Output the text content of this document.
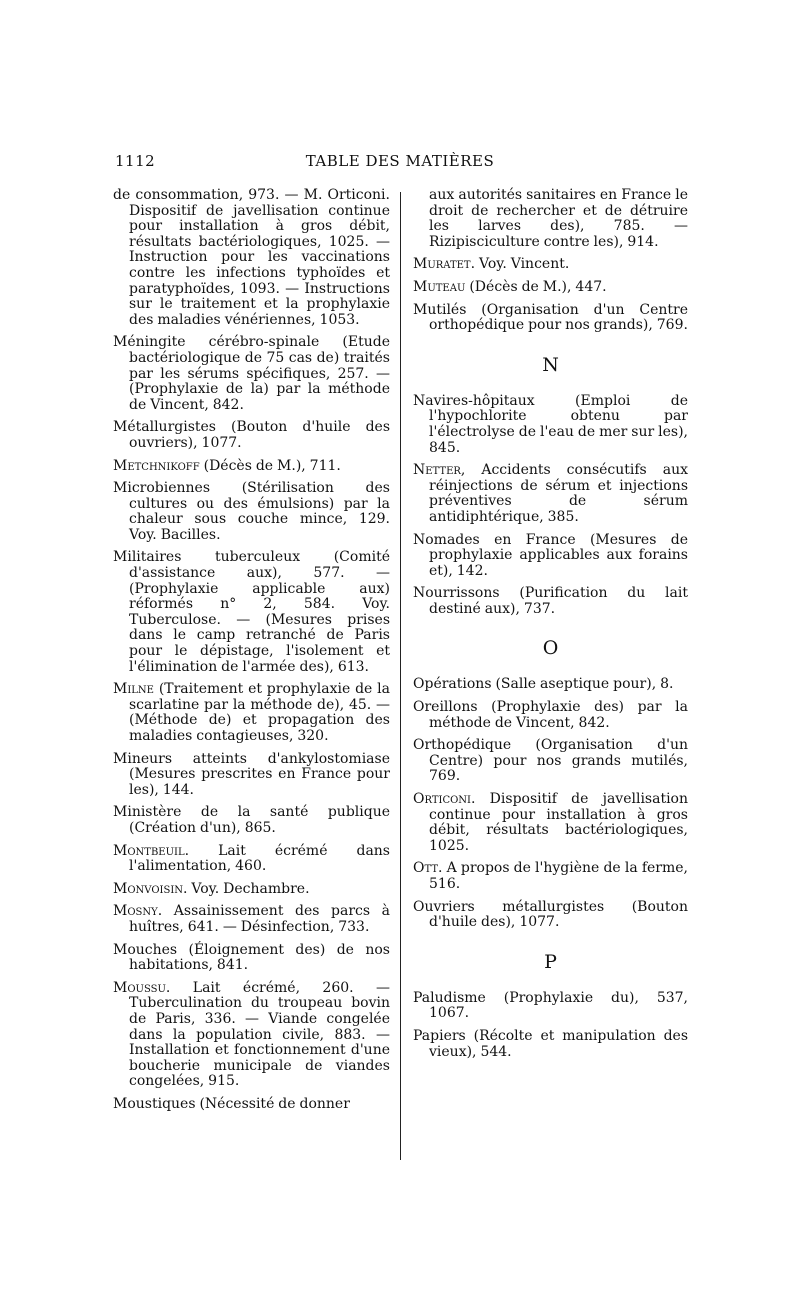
1112	TABLE DES MATIÈRES
de consommation, 973. — M. Orticoni. Dispositif de javellisation continue pour installation à gros débit, résultats bactériologiques, 1025. — Instruction pour les vaccinations contre les infections typhoïdes et paratyphoïdes, 1093. — Instructions sur le traitement et la prophylaxie des maladies vénériennes, 1053.
Méningite cérébro-spinale (Etude bactériologique de 75 cas de) traités par les sérums spécifiques, 257. — (Prophylaxie de la) par la méthode de Vincent, 842.
Métallurgistes (Bouton d'huile des ouvriers), 1077.
Metchnikoff (Décès de M.), 711.
Microbiennes (Stérilisation des cultures ou des émulsions) par la chaleur sous couche mince, 129. Voy. Bacilles.
Militaires tuberculeux (Comité d'assistance aux), 577. — (Prophylaxie applicable aux) réformés n° 2, 584. Voy. Tuberculose. — (Mesures prises dans le camp retranché de Paris pour le dépistage, l'isolement et l'élimination de l'armée des), 613.
Milne (Traitement et prophylaxie de la scarlatine par la méthode de), 45. — (Méthode de) et propagation des maladies contagieuses, 320.
Mineurs atteints d'ankylostomiase (Mesures prescrites en France pour les), 144.
Ministère de la santé publique (Création d'un), 865.
Montbeuil. Lait écrémé dans l'alimentation, 460.
Monvoisin. Voy. Dechambre.
Mosny. Assainissement des parcs à huîtres, 641. — Désinfection, 733.
Mouches (Éloignement des) de nos habitations, 841.
Moussu. Lait écrémé, 260. — Tuberculination du troupeau bovin de Paris, 336. — Viande congelée dans la population civile, 883. — Installation et fonctionnement d'une boucherie municipale de viandes congelées, 915.
Moustiques (Nécessité de donner
aux autorités sanitaires en France le droit de rechercher et de détruire les larves des), 785. — Rizipisciculture contre les), 914.
Muratet. Voy. Vincent.
Muteau (Décès de M.), 447.
Mutilés (Organisation d'un Centre orthopédique pour nos grands), 769.
N
Navires-hôpitaux (Emploi de l'hypochlorite obtenu par l'électrolyse de l'eau de mer sur les), 845.
Netter, Accidents consécutifs aux réinjections de sérum et injections préventives de sérum antidiphtérique, 385.
Nomades en France (Mesures de prophylaxie applicables aux forains et), 142.
Nourrissons (Purification du lait destiné aux), 737.
O
Opérations (Salle aseptique pour), 8.
Oreillons (Prophylaxie des) par la méthode de Vincent, 842.
Orthopédique (Organisation d'un Centre) pour nos grands mutilés, 769.
Orticoni. Dispositif de javellisation continue pour installation à gros débit, résultats bactériologiques, 1025.
Ott. A propos de l'hygiène de la ferme, 516.
Ouvriers métallurgistes (Bouton d'huile des), 1077.
P
Paludisme (Prophylaxie du), 537, 1067.
Papiers (Récolte et manipulation des vieux), 544.
